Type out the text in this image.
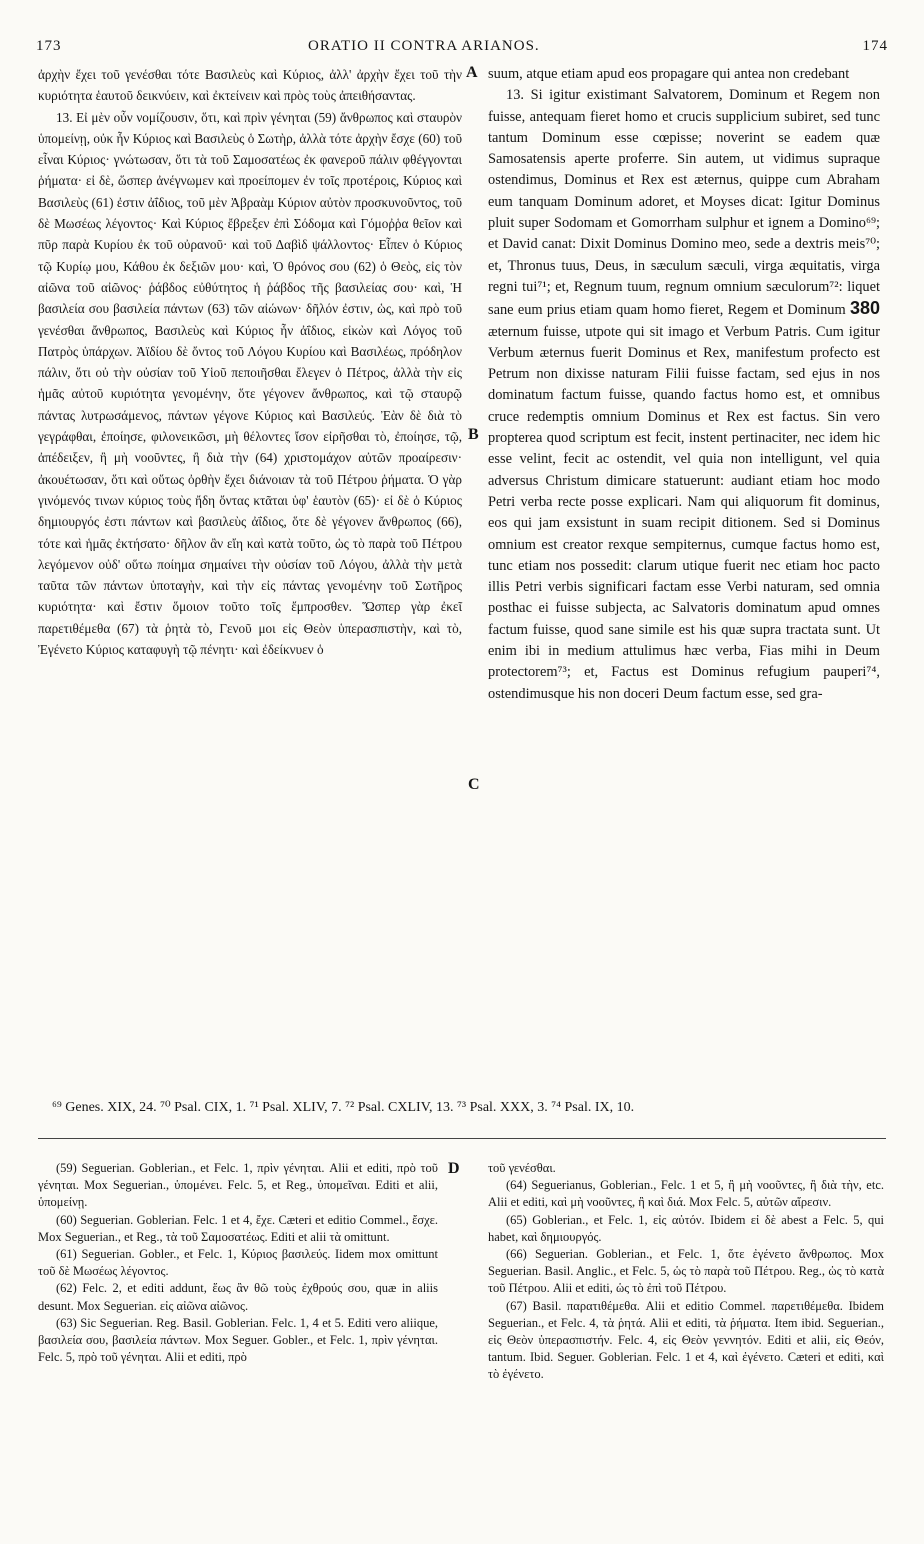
173	ORATIO II CONTRA ARIANOS.	174
A
B
C
D

ἀρχὴν ἔχει τοῦ γενέσθαι τότε Βασιλεὺς καὶ Κύριος, ἀλλ' ἀρχὴν ἔχει τοῦ τὴν κυριότητα ἑαυτοῦ δεικνύειν, καὶ ἐκτείνειν καὶ πρὸς τοὺς ἀπειθήσαντας.

13. Εἰ μὲν οὖν νομίζουσιν, ὅτι, καὶ πρὶν γένηται (59) ἄνθρωπος καὶ σταυρὸν ὑπομείνῃ, οὐκ ἦν Κύριος καὶ Βασιλεὺς ὁ Σωτὴρ, ἀλλὰ τότε ἀρχὴν ἔσχε (60) τοῦ εἶναι Κύριος· γνώτωσαν, ὅτι τὰ τοῦ Σαμοσατέως ἐκ φανεροῦ πάλιν φθέγγονται ῥήματα· εἰ δὲ, ὥσπερ ἀνέγνωμεν καὶ προείπομεν ἐν τοῖς προτέροις, Κύριος καὶ Βασιλεὺς (61) ἐστιν ἀΐδιος, τοῦ μὲν Ἀβραὰμ Κύριον αὐτὸν προσκυνοῦντος, τοῦ δὲ Μωσέως λέγοντος· Καὶ Κύριος ἔβρεξεν ἐπὶ Σόδομα καὶ Γόμοῤῥα θεῖον καὶ πῦρ παρὰ Κυρίου ἐκ τοῦ οὐρανοῦ· καὶ τοῦ Δαβὶδ ψάλλοντος· Εἶπεν ὁ Κύριος τῷ Κυρίῳ μου, Κάθου ἐκ δεξιῶν μου· καὶ, Ὁ θρόνος σου (62) ὁ Θεὸς, εἰς τὸν αἰῶνα τοῦ αἰῶνος· ῥάβδος εὐθύτητος ἡ ῥάβδος τῆς βασιλείας σου· καὶ, Ἡ βασιλεία σου βασιλεία πάντων (63) τῶν αἰώνων· δῆλόν ἐστιν, ὡς, καὶ πρὸ τοῦ γενέσθαι ἄνθρωπος, Βασιλεὺς καὶ Κύριος ἦν ἀΐδιος, εἰκὼν καὶ Λόγος τοῦ Πατρὸς ὑπάρχων. Ἀϊδίου δὲ ὄντος τοῦ Λόγου Κυρίου καὶ Βασιλέως, πρόδηλον πάλιν, ὅτι οὐ τὴν οὐσίαν τοῦ Υἱοῦ πεποιῆσθαι ἔλεγεν ὁ Πέτρος, ἀλλὰ τὴν εἰς ἡμᾶς αὐτοῦ κυριότητα γενομένην, ὅτε γέγονεν ἄνθρωπος, καὶ τῷ σταυρῷ πάντας λυτρωσάμενος, πάντων γέγονε Κύριος καὶ Βασιλεύς. Ἐὰν δὲ διὰ τὸ γεγράφθαι, ἐποίησε, φιλονεικῶσι, μὴ θέλοντες ἴσον εἰρῆσθαι τὸ, ἐποίησε, τῷ, ἀπέδειξεν, ἢ μὴ νοοῦντες, ἢ διὰ τὴν (64) χριστομάχον αὐτῶν προαίρεσιν· ἀκουέτωσαν, ὅτι καὶ οὕτως ὀρθὴν ἔχει διάνοιαν τὰ τοῦ Πέτρου ῥήματα. Ὁ γὰρ γινόμενός τινων κύριος τοὺς ἤδη ὄντας κτᾶται ὑφ' ἑαυτὸν (65)· εἰ δὲ ὁ Κύριος δημιουργός ἐστι πάντων καὶ βασιλεὺς ἀΐδιος, ὅτε δὲ γέγονεν ἄνθρωπος (66), τότε καὶ ἡμᾶς ἐκτήσατο· δῆλον ἂν εἴη καὶ κατὰ τοῦτο, ὡς τὸ παρὰ τοῦ Πέτρου λεγόμενον οὐδ' οὕτω ποίημα σημαίνει τὴν οὐσίαν τοῦ Λόγου, ἀλλὰ τὴν μετὰ ταῦτα τῶν πάντων ὑποταγὴν, καὶ τὴν εἰς πάντας γενομένην τοῦ Σωτῆρος κυριότητα· καὶ ἔστιν ὅμοιον τοῦτο τοῖς ἔμπροσθεν. Ὥσπερ γὰρ ἐκεῖ παρετιθέμεθα (67) τὰ ῥητὰ τὸ, Γενοῦ μοι εἰς Θεὸν ὑπερασπιστὴν, καὶ τὸ, Ἐγένετο Κύριος καταφυγὴ τῷ πένητι· καὶ ἐδείκνυεν ὁ

suum, atque etiam apud eos propagare qui antea non credebant

13. Si igitur existimant Salvatorem, Dominum et Regem non fuisse, antequam fieret homo et crucis supplicium subiret, sed tunc tantum Dominum esse cœpisse; noverint se eadem quæ Samosatensis aperte proferre. Sin autem, ut vidimus supraque ostendimus, Dominus et Rex est æternus, quippe cum Abraham eum tanquam Dominum adoret, et Moyses dicat: Igitur Dominus pluit super Sodomam et Gomorrham sulphur et ignem a Domino⁶⁹; et David canat: Dixit Dominus Domino meo, sede a dextris meis⁷⁰; et, Thronus tuus, Deus, in sæculum sæculi, virga æquitatis, virga regni tui⁷¹; et, Regnum tuum, regnum omnium sæculorum⁷²: liquet sane eum prius etiam quam homo fieret, Regem et Dominum 380 æternum fuisse, utpote qui sit imago et Verbum Patris. Cum igitur Verbum æternus fuerit Dominus et Rex, manifestum profecto est Petrum non dixisse naturam Filii fuisse factam, sed ejus in nos dominatum factum fuisse, quando factus homo est, et omnibus cruce redemptis omnium Dominus et Rex est factus. Sin vero propterea quod scriptum est fecit, instent pertinaciter, nec idem hic esse velint, fecit ac ostendit, vel quia non intelligunt, vel quia adversus Christum dimicare statuerunt: audiant etiam hoc modo Petri verba recte posse explicari. Nam qui aliquorum fit dominus, eos qui jam exsistunt in suam recipit ditionem. Sed si Dominus omnium est creator rexque sempiternus, cumque factus homo est, tunc etiam nos possedit: clarum utique fuerit nec etiam hoc pacto illis Petri verbis significari factam esse Verbi naturam, sed omnia posthac ei fuisse subjecta, ac Salvatoris dominatum apud omnes factum fuisse, quod sane simile est his quæ supra tractata sunt. Ut enim ibi in medium attulimus hæc verba, Fias mihi in Deum protectorem⁷³; et, Factus est Dominus refugium pauperi⁷⁴, ostendimusque his non doceri Deum factum esse, sed gra-

⁶⁹ Genes. XIX, 24. ⁷⁰ Psal. CIX, 1. ⁷¹ Psal. XLIV, 7. ⁷² Psal. CXLIV, 13. ⁷³ Psal. XXX, 3. ⁷⁴ Psal. IX, 10.

(59) Seguerian. Goblerian., et Felc. 1, πρὶν γένηται. Alii et editi, πρὸ τοῦ γένηται. Mox Seguerian., ὑπομένει. Felc. 5, et Reg., ὑπομεῖναι. Editi et alii, ὑπομείνῃ.

(60) Seguerian. Goblerian. Felc. 1 et 4, ἔχε. Cæteri et editio Commel., ἔσχε. Mox Seguerian., et Reg., τὰ τοῦ Σαμοσατέως. Editi et alii τὰ omittunt.

(61) Seguerian. Gobler., et Felc. 1, Κύριος βασιλεύς. Iidem mox omittunt τοῦ δὲ Μωσέως λέγοντος.

(62) Felc. 2, et editi addunt, ἕως ἂν θῶ τοὺς ἐχθρούς σου, quæ in aliis desunt. Mox Seguerian. εἰς αἰῶνα αἰῶνος.

(63) Sic Seguerian. Reg. Basil. Goblerian. Felc. 1, 4 et 5. Editi vero aliique, βασιλεία σου, βασιλεία πάντων. Mox Seguer. Gobler., et Felc. 1, πρὶν γένηται. Felc. 5, πρὸ τοῦ γένηται. Alii et editi, πρὸ

τοῦ γενέσθαι.

(64) Seguerianus, Goblerian., Felc. 1 et 5, ἢ μὴ νοοῦντες, ἢ διὰ τὴν, etc. Alii et editi, καὶ μὴ νοοῦντες, ἢ καὶ διά. Mox Felc. 5, αὐτῶν αἵρεσιν.

(65) Goblerian., et Felc. 1, εἰς αὐτόν. Ibidem εἰ δὲ abest a Felc. 5, qui habet, καὶ δημιουργός.

(66) Seguerian. Goblerian., et Felc. 1, ὅτε ἐγένετο ἄνθρωπος. Mox Seguerian. Basil. Anglic., et Felc. 5, ὡς τὸ παρὰ τοῦ Πέτρου. Reg., ὡς τὸ κατὰ τοῦ Πέτρου. Alii et editi, ὡς τὸ ἐπὶ τοῦ Πέτρου.

(67) Basil. παρατιθέμεθα. Alii et editio Commel. παρετιθέμεθα. Ibidem Seguerian., et Felc. 4, τὰ ῥητά. Alii et editi, τὰ ῥήματα. Item ibid. Seguerian., εἰς Θεὸν ὑπερασπιστήν. Felc. 4, εἰς Θεὸν γεννητόν. Editi et alii, εἰς Θεόν, tantum. Ibid. Seguer. Goblerian. Felc. 1 et 4, καὶ ἐγένετο. Cæteri et editi, καὶ τὸ ἐγένετο.
